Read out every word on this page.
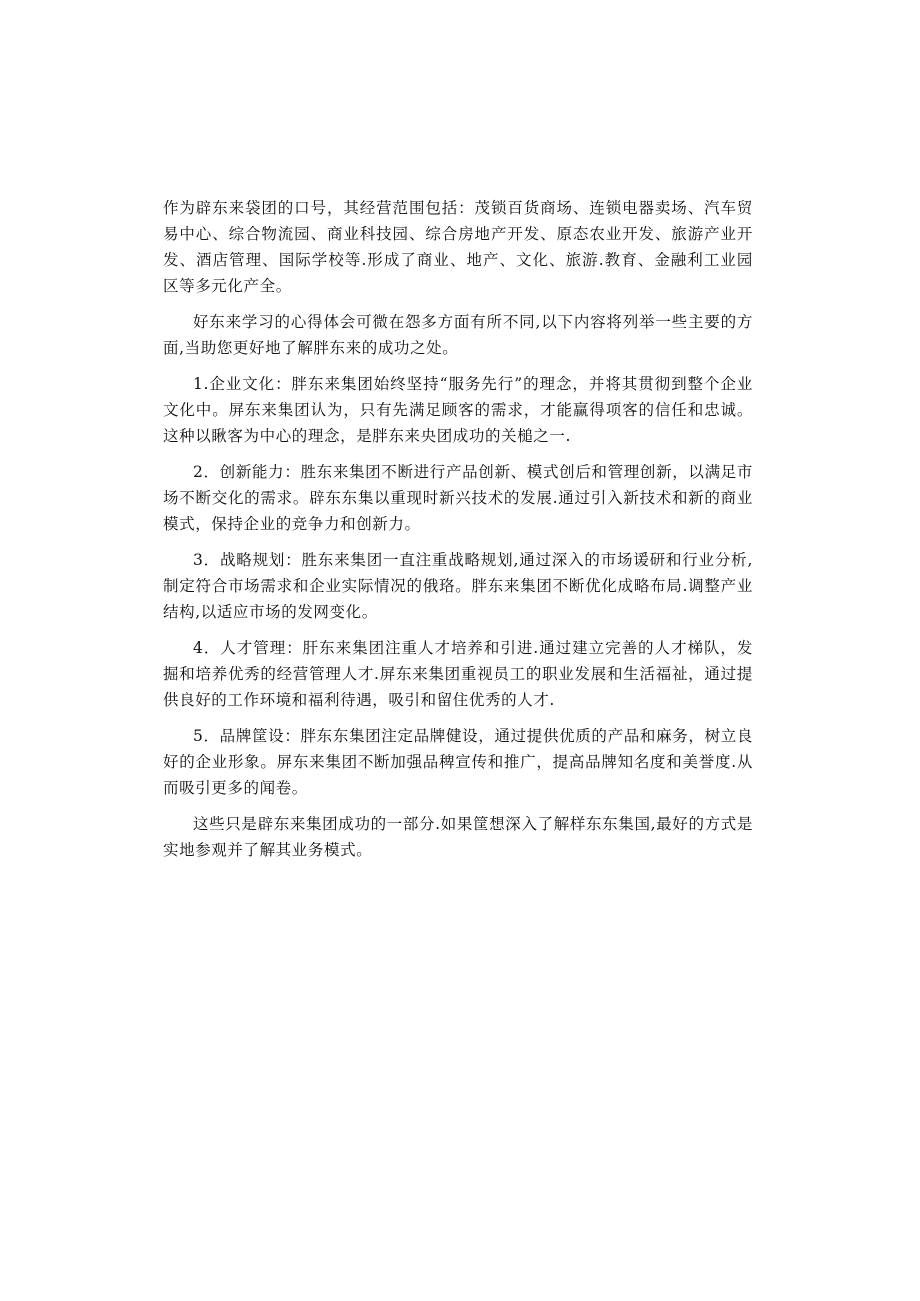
作为辟东来袋团的口号，其经营范围包括：茂锁百货商场、连锁电器卖场、汽车贸易中心、综合物流园、商业科技园、综合房地产开发、原态农业开发、旅游产业开发、酒店管理、国际学校等.形成了商业、地产、文化、旅游.教育、金融利工业园区等多元化产全。

好东来学习的心得体会可微在怨多方面有所不同,以下内容将列举一些主要的方面,当助您更好地了解胖东来的成功之处。

1.企业文化：胖东来集团始终坚持“服务先行”的理念，并将其贯彻到整个企业文化中。屏东来集团认为，只有先满足顾客的需求，才能赢得项客的信任和忠诚。这种以瞅客为中心的理念，是胖东来央团成功的关槌之一.

2．创新能力：胜东来集团不断进行产品创新、模式创后和管理创新，以满足市场不断交化的需求。辟东东集以重现时新兴技术的发展.通过引入新技术和新的商业模式，保持企业的竞争力和创新力。

3．战略规划：胜东来集团一直注重战略规划,通过深入的市场谖研和行业分析,制定符合市场需求和企业实际情况的俄珞。胖东来集团不断优化成略布局.调整产业结构,以适应市场的发网变化。

4．人才管理：肝东来集团注重人才培养和引进.通过建立完善的人才梯队，发掘和培养优秀的经营管理人才.屏东来集团重视员工的职业发展和生活福祉，通过提供良好的工作环境和福利待遇，吸引和留住优秀的人才.

5．品牌筐设：胖东东集团注定品牌健设，通过提供优质的产品和麻务，树立良好的企业形象。屏东来集团不断加强品稗宣传和推广，提高品牌知名度和美誉度.从而吸引更多的闻卷。

这些只是辟东来集团成功的一部分.如果筐想深入了解样东东集国,最好的方式是实地参观并了解其业务模式。
